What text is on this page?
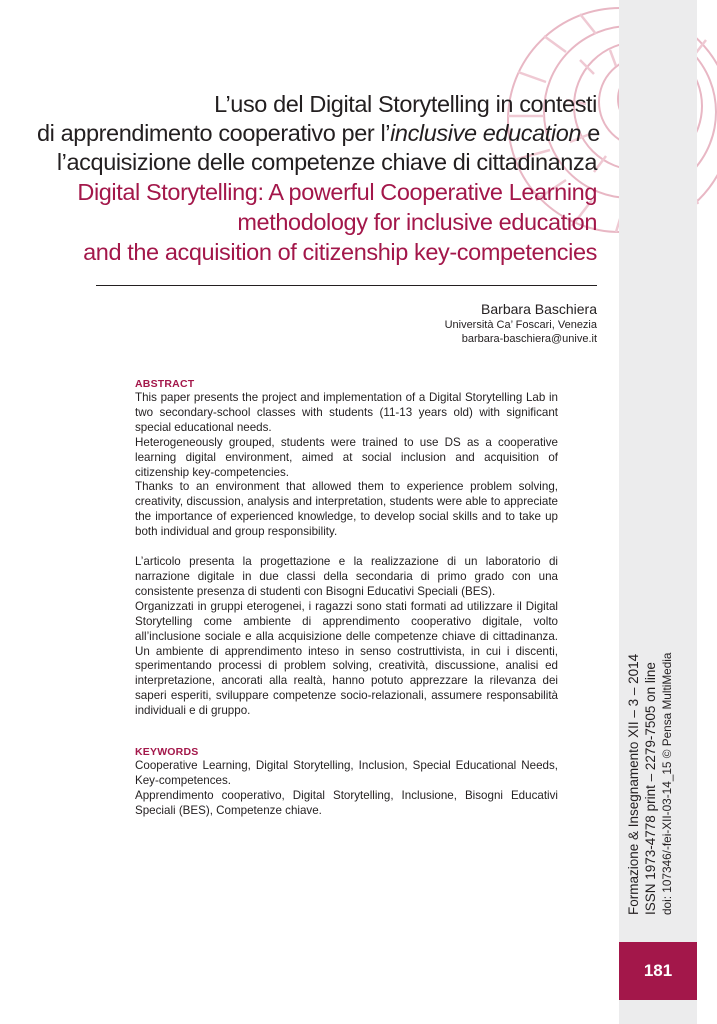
L’uso del Digital Storytelling in contesti
di apprendimento cooperativo per l’inclusive education e
l’acquisizione delle competenze chiave di cittadinanza
Digital Storytelling: A powerful Cooperative Learning
methodology for inclusive education
and the acquisition of citizenship key-competencies
Barbara Baschiera
Università Ca’ Foscari, Venezia
barbara-baschiera@unive.it
ABSTRACT

This paper presents the project and implementation of a Digital Storytelling Lab in two secondary-school classes with students (11-13 years old) with significant special educational needs.

Heterogeneously grouped, students were trained to use DS as a cooperative learning digital environment, aimed at social inclusion and acquisition of citizenship key-competencies.

Thanks to an environment that allowed them to experience problem solving, creativity, discussion, analysis and interpretation, students were able to appreciate the importance of experienced knowledge, to develop social skills and to take up both individual and group responsibility.

L’articolo presenta la progettazione e la realizzazione di un laboratorio di narrazione digitale in due classi della secondaria di primo grado con una consistente presenza di studenti con Bisogni Educativi Speciali (BES).

Organizzati in gruppi eterogenei, i ragazzi sono stati formati ad utilizzare il Digital Storytelling come ambiente di apprendimento cooperativo digitale, volto all’inclusione sociale e alla acquisizione delle competenze chiave di cittadinanza. Un ambiente di apprendimento inteso in senso costruttivista, in cui i discenti, sperimentando processi di problem solving, creatività, discussione, analisi ed interpretazione, ancorati alla realtà, hanno potuto apprezzare la rilevanza dei saperi esperiti, sviluppare competenze socio-relazionali, assumere responsabilità individuali e di gruppo.

KEYWORDS

Cooperative Learning, Digital Storytelling, Inclusion, Special Educational Needs, Key-competences.

Apprendimento cooperativo, Digital Storytelling, Inclusione, Bisogni Educativi Speciali (BES), Competenze chiave.	Formazione & Insegnamento XII – 3 – 2014 ISSN 1973-4778 print – 2279-7505 on line doi: 107346/-fei-XII-03-14_15 © Pensa MultiMedia
181
